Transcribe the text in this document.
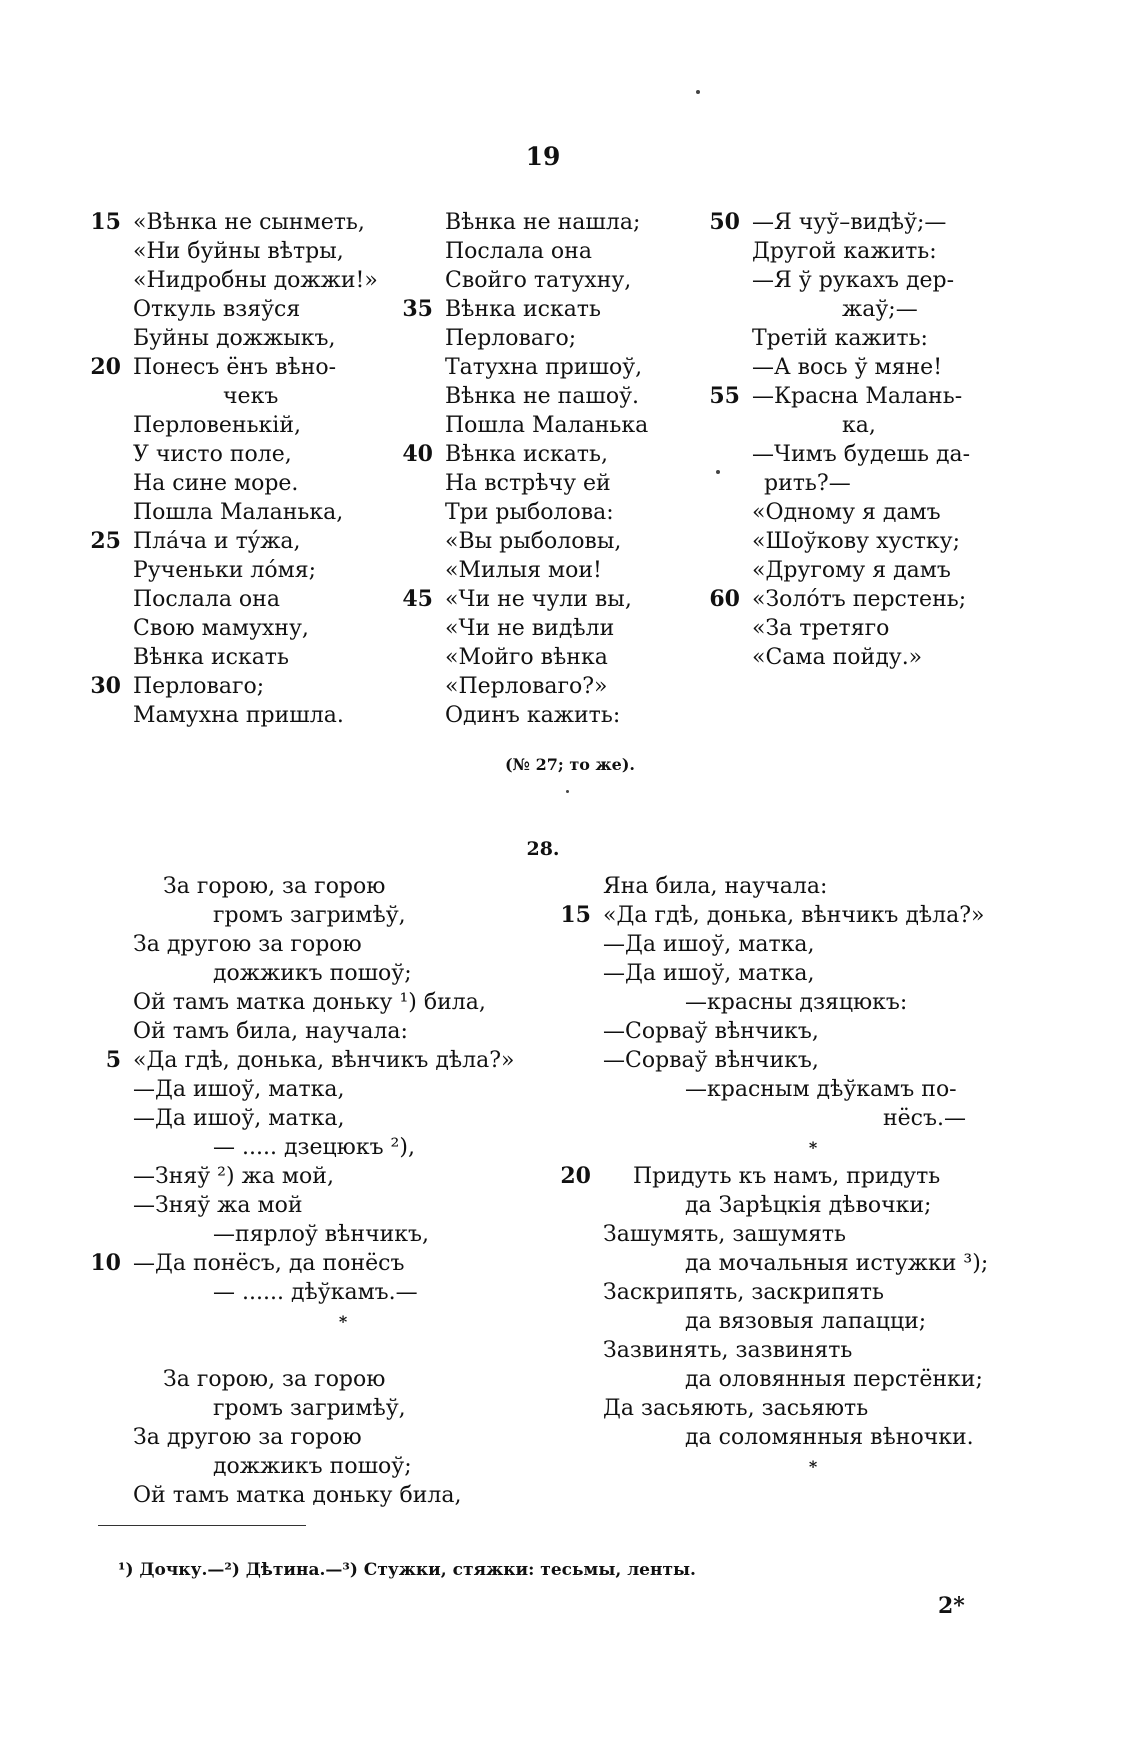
19
15 «Вѣнка не сынметь,
«Ни буйны вѣтры,
«Нидробны дожжи!»
Откуль взяўся
Буйны дожжыкъ,
20 Понесъ ёнъ вѣно-
чекъ
Перловенькій,
У чисто поле,
На сине море.
Пошла Маланька,
25 Плáча и тýжа,
Рученьки лóмя;
Послала она
Свою мамухну,
Вѣнка искать
30 Перловаго;
Мамухна пришла.
Вѣнка не нашла;
Послала она
Свойго татухну,
35 Вѣнка искать
Перловаго;
Татухна пришоў,
Вѣнка не пашоў.
Пошла Маланька
40 Вѣнка искать,
На встрѣчу ей
Три рыболова:
«Вы рыболовы,
«Милыя мои!
45 «Чи не чули вы,
«Чи не видѣли
«Мойго вѣнка
«Перловаго?»
Одинъ кажить:
50 —Я чуў–видѣў;—
Другой кажить:
—Я ў рукахъ дер-
жаў;—
Третій кажить:
—А вось ў мяне!
55 —Красна Малань-
ка,
—Чимъ будешь да-
рить?—
«Одному я дамъ
«Шоўкову хустку;
«Другому я дамъ
60 «Золóтъ перстень;
«За третяго
«Сама пойду.»
(№ 27; то же).
28.
За горою, за горою
громъ загримѣў,
За другою за горою
дожжикъ пошоў;
Ой тамъ матка доньку ¹) била,
Ой тамъ била, научала:
5 «Да гдѣ, донька, вѣнчикъ дѣла?»
—Да ишоў, матка,
—Да ишоў, матка,
— ..... дзецюкъ ²),
—Зняў ²) жа мой,
—Зняў жа мой
—пярлоў вѣнчикъ,
10 —Да понёсъ, да понёсъ
— ...... дѣўкамъ.—
*
За горою, за горою
громъ загримѣў,
За другою за горою
дожжикъ пошоў;
Ой тамъ матка доньку била,
Яна била, научала:
15 «Да гдѣ, донька, вѣнчикъ дѣла?»
—Да ишоў, матка,
—Да ишоў, матка,
—красны дзяцюкъ:
—Сорваў вѣнчикъ,
—Сорваў вѣнчикъ,
—красным дѣўкамъ по-
нёсъ.—
*
20 Придуть къ намъ, придуть
да Зарѣцкія дѣвочки;
Зашумять, зашумять
да мочальныя истужки ³);
Заскрипять, заскрипять
да вязовыя лапацци;
Зазвинять, зазвинять
да оловянныя перстёнки;
Да засьяють, засьяють
да соломянныя вѣночки.
*
¹) Дочку.—²) Дѣтина.—³) Стужки, стяжки: тесьмы, ленты.
2*
